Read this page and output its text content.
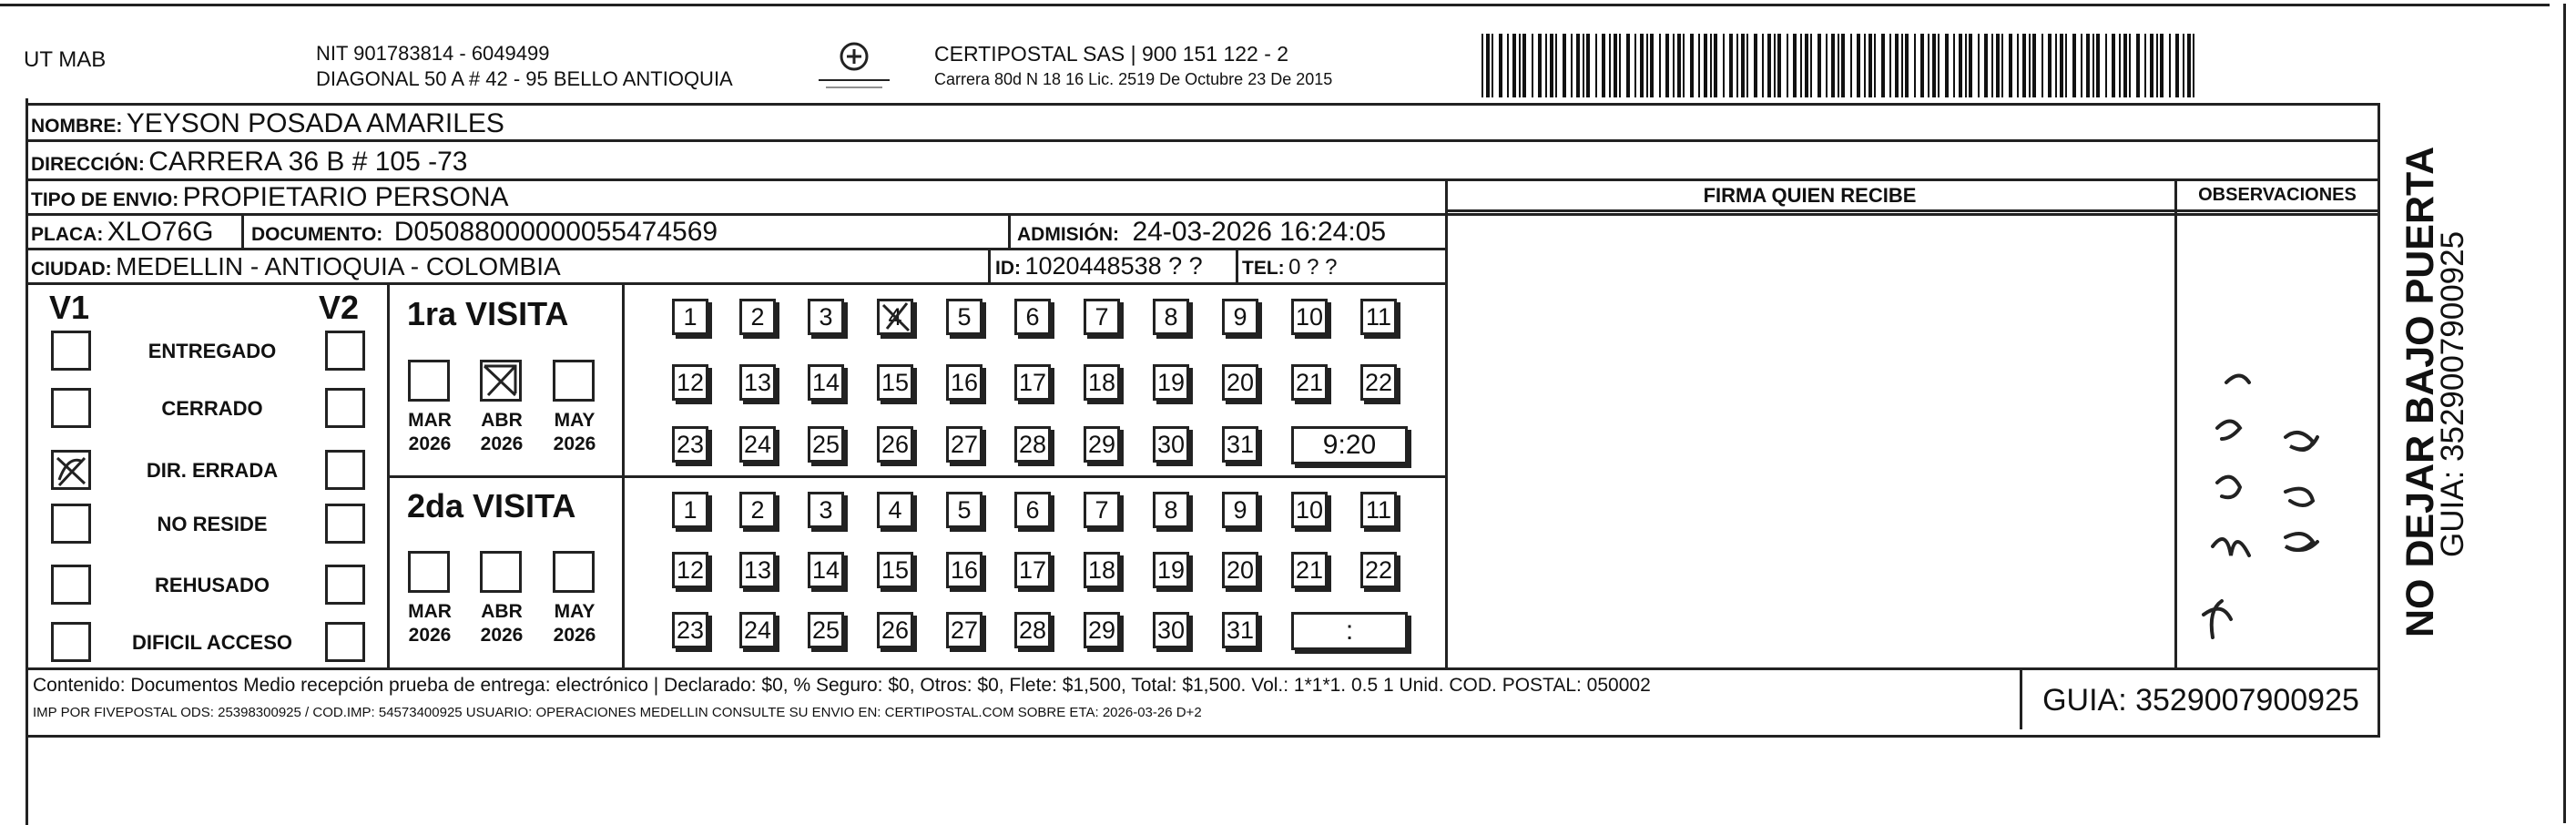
UT MAB	NIT 901783814 - 6049499
DIAGONAL 50 A # 42 - 95 BELLO ANTIOQUIA
CERTIPOSTAL SAS | 900 151 122 - 2
Carrera 80d N 18 16 Lic. 2519 De Octubre 23 De 2015
NOMBRE: YEYSON POSADA AMARILES
DIRECCIÓN: CARRERA 36 B # 105 -73
TIPO DE ENVIO: PROPIETARIO PERSONA
PLACA: XLO76G DOCUMENTO: D05088000000055474569	ADMISIÓN: 24-03-2026 16:24:05
CIUDAD: MEDELLIN - ANTIOQUIA - COLOMBIA	ID: 1020448538 ? ? TEL: 0 ? ?
FIRMA QUIEN RECIBE	OBSERVACIONES
V1	V2
ENTREGADO
CERRADO
DIR. ERRADA
NO RESIDE
REHUSADO
DIFICIL ACCESO
1ra VISITA
2da VISITA
MAR
2026
ABR
2026
MAY
2026
MAR
2026
ABR
2026
MAY
2026
1 2 3 4 5 6 7 8 9 10 11
12 13 14 15 16 17 18 19 20 21 22
23 24 25 26 27 28 29 30 31	9:20
1 2 3 4 5 6 7 8 9 10 11
12 13 14 15 16 17 18 19 20 21 22
23 24 25 26 27 28 29 30 31	:
Contenido: Documentos Medio recepción prueba de entrega: electrónico | Declarado: $0, % Seguro: $0, Otros: $0, Flete: $1,500, Total: $1,500. Vol.: 1*1*1. 0.5 1 Unid. COD. POSTAL: 050002
IMP POR FIVEPOSTAL ODS: 25398300925 / COD.IMP: 54573400925 USUARIO: OPERACIONES MEDELLIN CONSULTE SU ENVIO EN: CERTIPOSTAL.COM SOBRE ETA: 2026-03-26 D+2	GUIA: 3529007900925
NO DEJAR BAJO PUERTA
GUIA: 3529007900925
